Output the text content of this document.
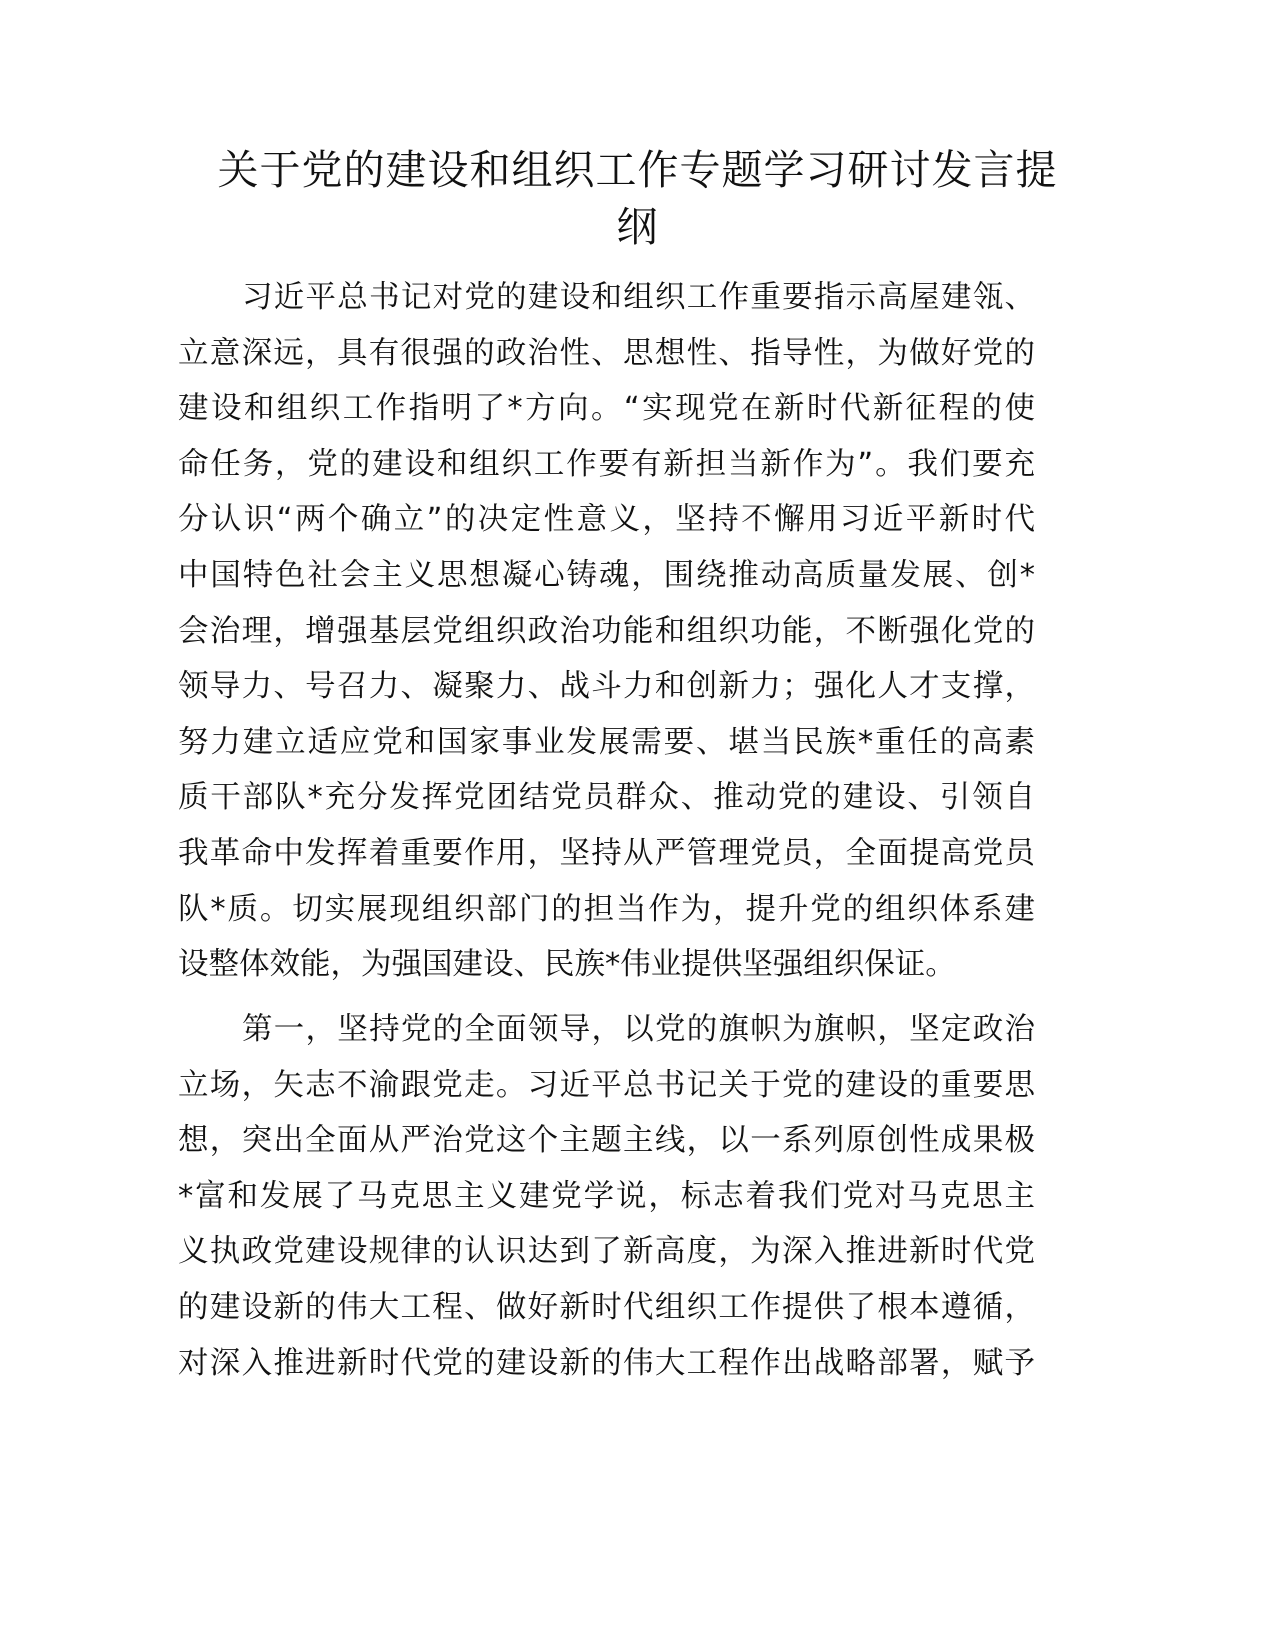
关于党的建设和组织工作专题学习研讨发言提
纲
习近平总书记对党的建设和组织工作重要指示高屋建瓴、
立意深远，具有很强的政治性、思想性、指导性，为做好党的
建设和组织工作指明了*方向。“实现党在新时代新征程的使
命任务，党的建设和组织工作要有新担当新作为”。我们要充
分认识“两个确立”的决定性意义，坚持不懈用习近平新时代
中国特色社会主义思想凝心铸魂，围绕推动高质量发展、创*
会治理，增强基层党组织政治功能和组织功能，不断强化党的
领导力、号召力、凝聚力、战斗力和创新力；强化人才支撑，
努力建立适应党和国家事业发展需要、堪当民族*重任的高素
质干部队*充分发挥党团结党员群众、推动党的建设、引领自
我革命中发挥着重要作用，坚持从严管理党员，全面提高党员
队*质。切实展现组织部门的担当作为，提升党的组织体系建
设整体效能，为强国建设、民族*伟业提供坚强组织保证。
第一，坚持党的全面领导，以党的旗帜为旗帜，坚定政治
立场，矢志不渝跟党走。习近平总书记关于党的建设的重要思
想，突出全面从严治党这个主题主线，以一系列原创性成果极
*富和发展了马克思主义建党学说，标志着我们党对马克思主
义执政党建设规律的认识达到了新高度，为深入推进新时代党
的建设新的伟大工程、做好新时代组织工作提供了根本遵循，
对深入推进新时代党的建设新的伟大工程作出战略部署，赋予
